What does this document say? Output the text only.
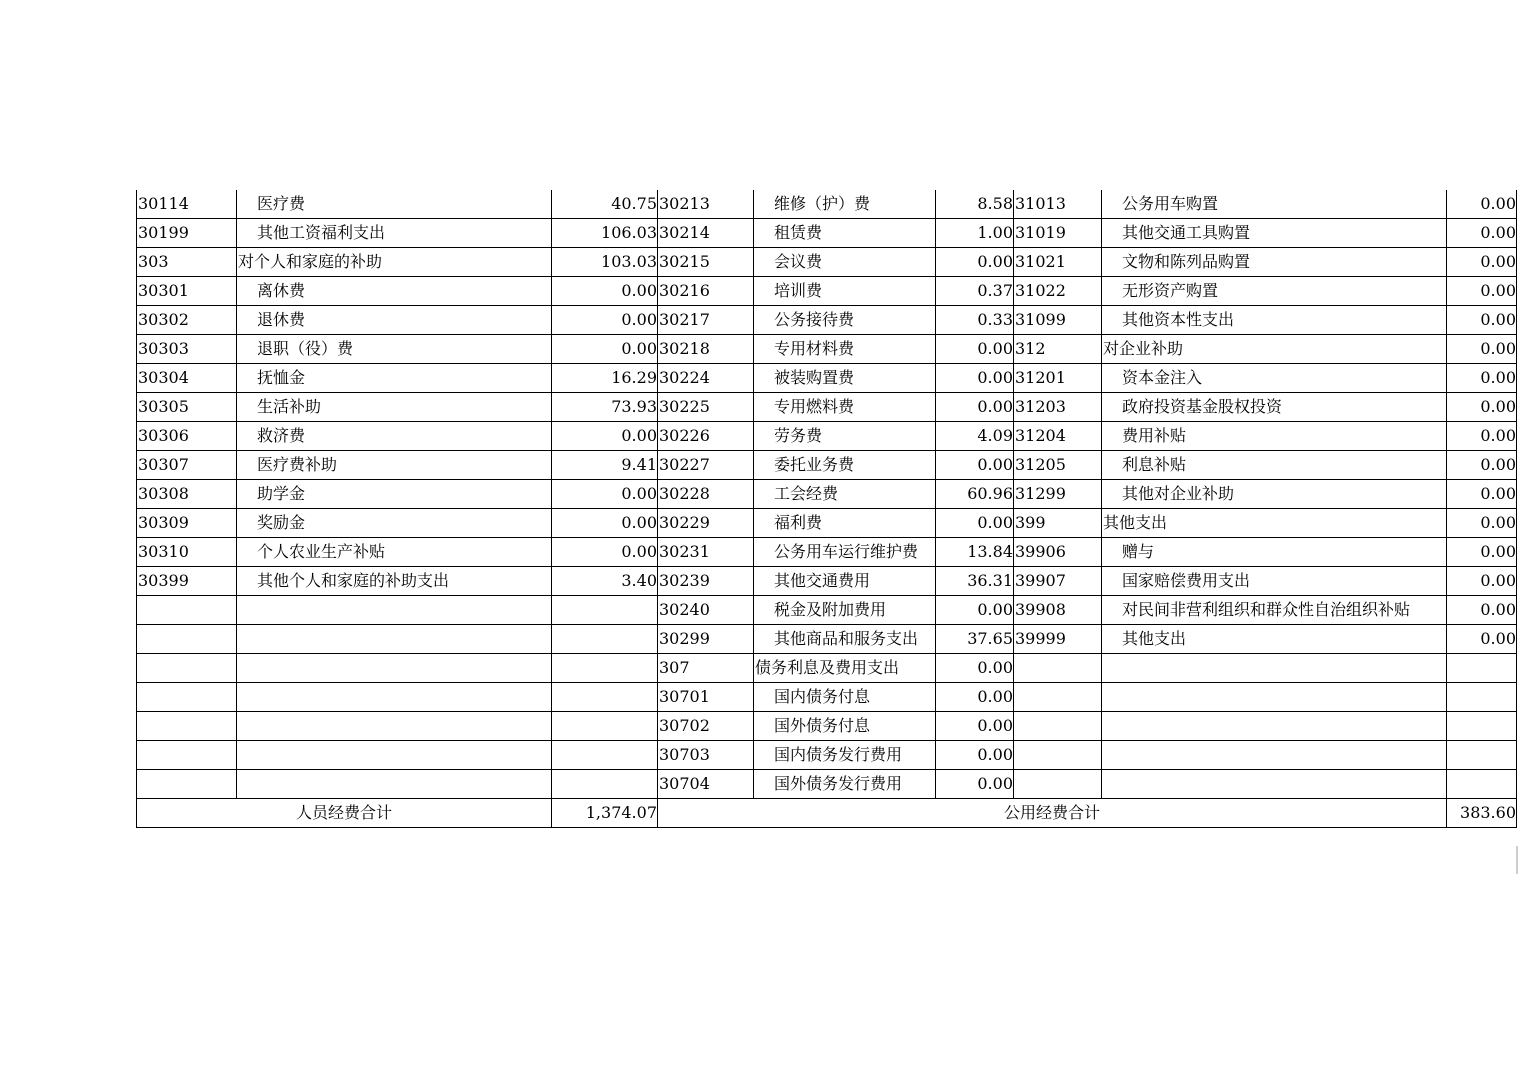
30114	医疗费	40.75	30213	维修（护）费	8.58	31013	公务用车购置	0.00
30199	其他工资福利支出	106.03	30214	租赁费	1.00	31019	其他交通工具购置	0.00
303	对个人和家庭的补助	103.03	30215	会议费	0.00	31021	文物和陈列品购置	0.00
30301	离休费	0.00	30216	培训费	0.37	31022	无形资产购置	0.00
30302	退休费	0.00	30217	公务接待费	0.33	31099	其他资本性支出	0.00
30303	退职（役）费	0.00	30218	专用材料费	0.00	312	对企业补助	0.00
30304	抚恤金	16.29	30224	被装购置费	0.00	31201	资本金注入	0.00
30305	生活补助	73.93	30225	专用燃料费	0.00	31203	政府投资基金股权投资	0.00
30306	救济费	0.00	30226	劳务费	4.09	31204	费用补贴	0.00
30307	医疗费补助	9.41	30227	委托业务费	0.00	31205	利息补贴	0.00
30308	助学金	0.00	30228	工会经费	60.96	31299	其他对企业补助	0.00
30309	奖励金	0.00	30229	福利费	0.00	399	其他支出	0.00
30310	个人农业生产补贴	0.00	30231	公务用车运行维护费	13.84	39906	赠与	0.00
30399	其他个人和家庭的补助支出	3.40	30239	其他交通费用	36.31	39907	国家赔偿费用支出	0.00
			30240	税金及附加费用	0.00	39908	对民间非营利组织和群众性自治组织补贴	0.00
			30299	其他商品和服务支出	37.65	39999	其他支出	0.00
			307	债务利息及费用支出	0.00			
			30701	国内债务付息	0.00			
			30702	国外债务付息	0.00			
			30703	国内债务发行费用	0.00			
			30704	国外债务发行费用	0.00			
人员经费合计		1,374.07	公用经费合计					383.60
